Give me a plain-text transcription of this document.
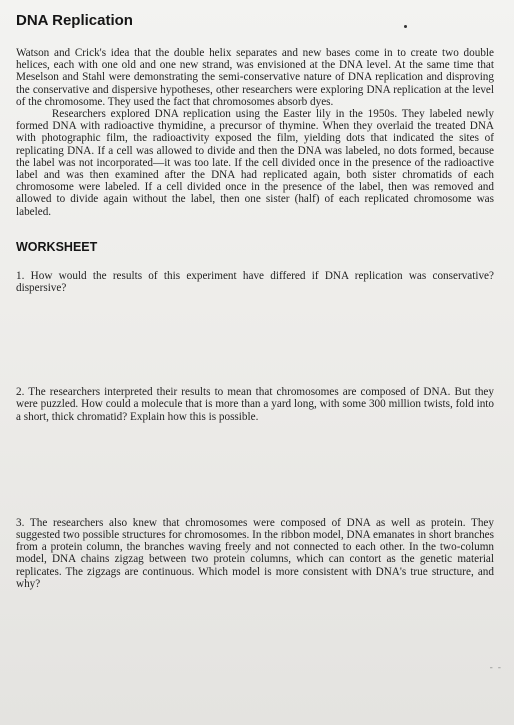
DNA Replication

Watson and Crick's idea that the double helix separates and new bases come in to create two double helices, each with one old and one new strand, was envisioned at the DNA level. At the same time that Meselson and Stahl were demonstrating the semi-conservative nature of DNA replication and disproving the conservative and dispersive hypotheses, other researchers were exploring DNA replication at the level of the chromosome. They used the fact that chromosomes absorb dyes.

Researchers explored DNA replication using the Easter lily in the 1950s. They labeled newly formed DNA with radioactive thymidine, a precursor of thymine. When they overlaid the treated DNA with photographic film, the radioactivity exposed the film, yielding dots that indicated the sites of replicating DNA. If a cell was allowed to divide and then the DNA was labeled, no dots formed, because the label was not incorporated—it was too late. If the cell divided once in the presence of the radioactive label and was then examined after the DNA had replicated again, both sister chromatids of each chromosome were labeled. If a cell divided once in the presence of the label, then was removed and allowed to divide again without the label, then one sister (half) of each replicated chromosome was labeled.

WORKSHEET

1. How would the results of this experiment have differed if DNA replication was conservative? dispersive?

2. The researchers interpreted their results to mean that chromosomes are composed of DNA. But they were puzzled. How could a molecule that is more than a yard long, with some 300 million twists, fold into a short, thick chromatid? Explain how this is possible.

3. The researchers also knew that chromosomes were composed of DNA as well as protein. They suggested two possible structures for chromosomes. In the ribbon model, DNA emanates in short branches from a protein column, the branches waving freely and not connected to each other. In the two-column model, DNA chains zigzag between two protein columns, which can contort as the genetic material replicates. The zigzags are continuous. Which model is more consistent with DNA's true structure, and why?

- -
